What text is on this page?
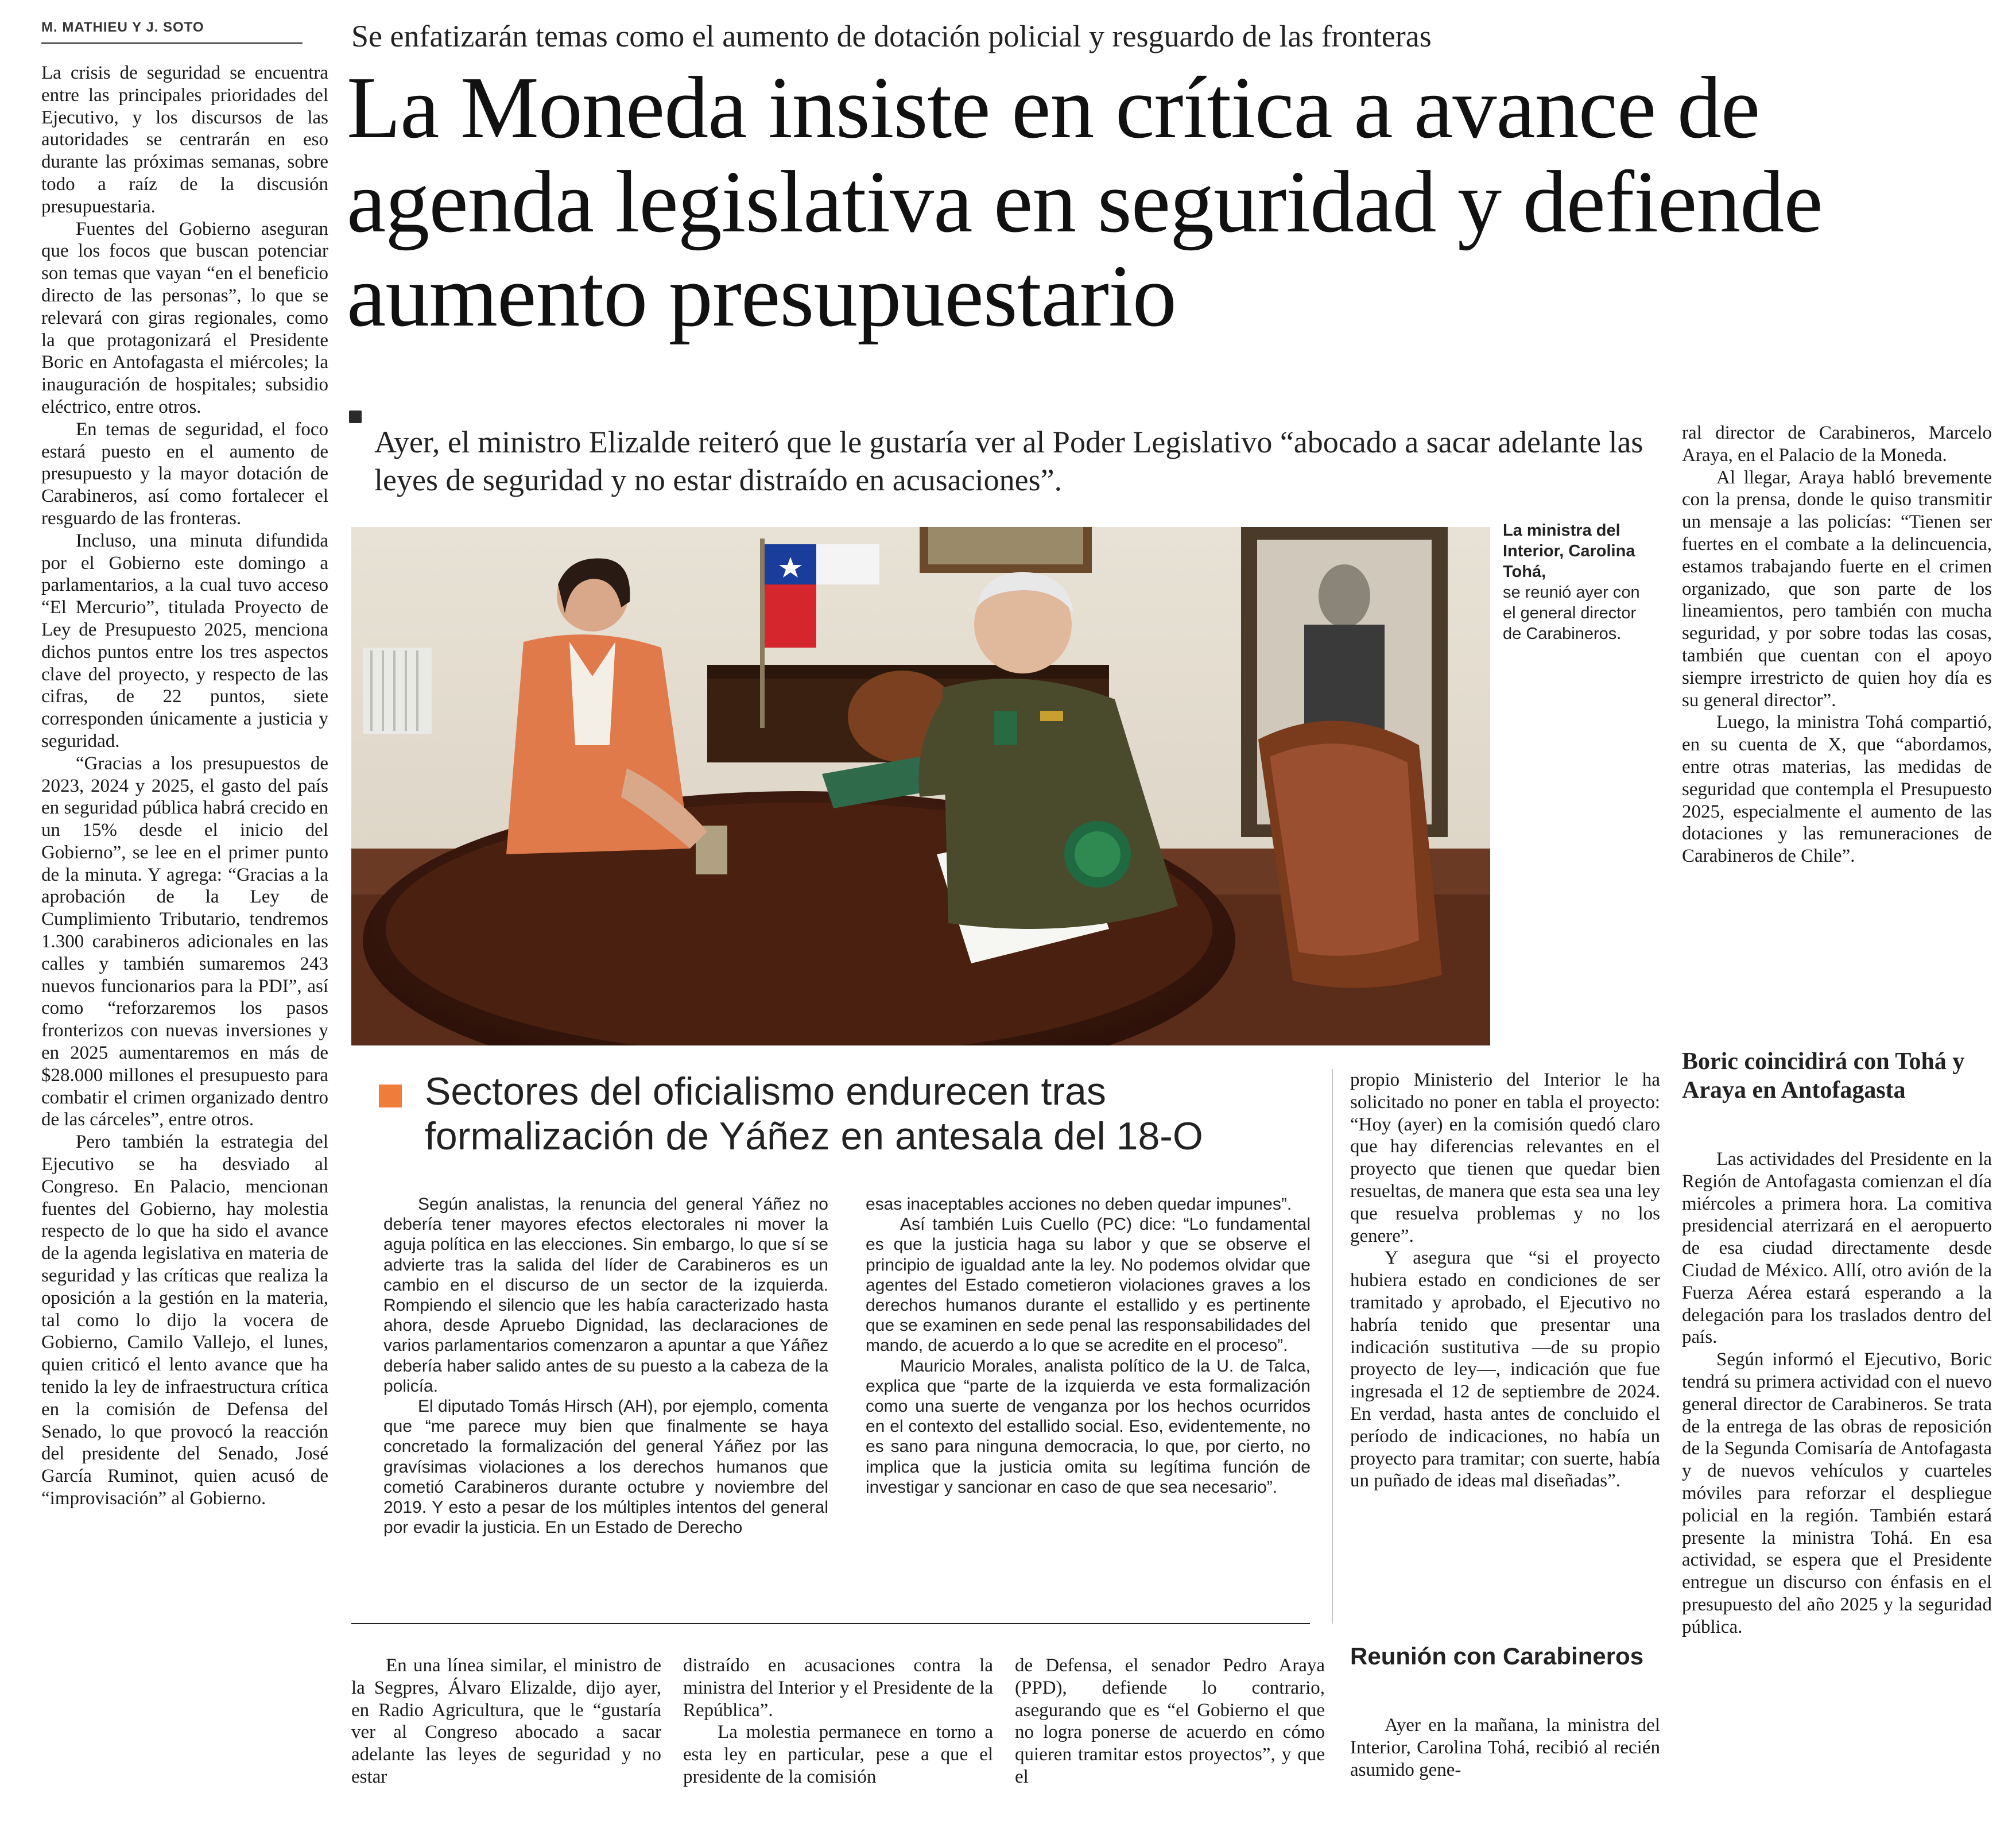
M. MATHIEU Y J. SOTO

La crisis de seguridad se encuentra entre las principales prioridades del Ejecutivo, y los discursos de las autoridades se centrarán en eso durante las próximas semanas, sobre todo a raíz de la discusión presupuestaria.

Fuentes del Gobierno aseguran que los focos que buscan potenciar son temas que vayan “en el beneficio directo de las personas”, lo que se relevará con giras regionales, como la que protagonizará el Presidente Boric en Antofagasta el miércoles; la inauguración de hospitales; subsidio eléctrico, entre otros.

En temas de seguridad, el foco estará puesto en el aumento de presupuesto y la mayor dotación de Carabineros, así como fortalecer el resguardo de las fronteras.

Incluso, una minuta difundida por el Gobierno este domingo a parlamentarios, a la cual tuvo acceso “El Mercurio”, titulada Proyecto de Ley de Presupuesto 2025, menciona dichos puntos entre los tres aspectos clave del proyecto, y respecto de las cifras, de 22 puntos, siete corresponden únicamente a justicia y seguridad.

“Gracias a los presupuestos de 2023, 2024 y 2025, el gasto del país en seguridad pública habrá crecido en un 15% desde el inicio del Gobierno”, se lee en el primer punto de la minuta. Y agrega: “Gracias a la aprobación de la Ley de Cumplimiento Tributario, tendremos 1.300 carabineros adicionales en las calles y también sumaremos 243 nuevos funcionarios para la PDI”, así como “reforzaremos los pasos fronterizos con nuevas inversiones y en 2025 aumentaremos en más de $28.000 millones el presupuesto para combatir el crimen organizado dentro de las cárceles”, entre otros.

Pero también la estrategia del Ejecutivo se ha desviado al Congreso. En Palacio, mencionan fuentes del Gobierno, hay molestia respecto de lo que ha sido el avance de la agenda legislativa en materia de seguridad y las críticas que realiza la oposición a la gestión en la materia, tal como lo dijo la vocera de Gobierno, Camilo Vallejo, el lunes, quien criticó el lento avance que ha tenido la ley de infraestructura crítica en la comisión de Defensa del Senado, lo que provocó la reacción del presidente del Senado, José García Ruminot, quien acusó de “improvisación” al Gobierno.

Se enfatizarán temas como el aumento de dotación policial y resguardo de las fronteras
La Moneda insiste en crítica a avance de agenda legislativa en seguridad y defiende aumento presupuestario
Ayer, el ministro Elizalde reiteró que le gustaría ver al Poder Legislativo “abocado a sacar adelante las leyes de seguridad y no estar distraído en acusaciones”.
La ministra del Interior, Carolina Tohá,
se reunió ayer con el general director de Carabineros.
Sectores del oficialismo endurecen tras formalización de Yáñez en antesala del 18-O

Según analistas, la renuncia del general Yáñez no debería tener mayores efectos electorales ni mover la aguja política en las elecciones. Sin embargo, lo que sí se advierte tras la salida del líder de Carabineros es un cambio en el discurso de un sector de la izquierda. Rompiendo el silencio que les había caracterizado hasta ahora, desde Apruebo Dignidad, las declaraciones de varios parlamentarios comenzaron a apuntar a que Yáñez debería haber salido antes de su puesto a la cabeza de la policía.

El diputado Tomás Hirsch (AH), por ejemplo, comenta que “me parece muy bien que finalmente se haya concretado la formalización del general Yáñez por las gravísimas violaciones a los derechos humanos que cometió Carabineros durante octubre y noviembre del 2019. Y esto a pesar de los múltiples intentos del general por evadir la justicia. En un Estado de Derecho

esas inaceptables acciones no deben quedar impunes”.

Así también Luis Cuello (PC) dice: “Lo fundamental es que la justicia haga su labor y que se observe el principio de igualdad ante la ley. No podemos olvidar que agentes del Estado cometieron violaciones graves a los derechos humanos durante el estallido y es pertinente que se examinen en sede penal las responsabilidades del mando, de acuerdo a lo que se acredite en el proceso”.

Mauricio Morales, analista político de la U. de Talca, explica que “parte de la izquierda ve esta formalización como una suerte de venganza por los hechos ocurridos en el contexto del estallido social. Eso, evidentemente, no es sano para ninguna democracia, lo que, por cierto, no implica que la justicia omita su legítima función de investigar y sancionar en caso de que sea necesario”.

En una línea similar, el ministro de la Segpres, Álvaro Elizalde, dijo ayer, en Radio Agricultura, que le “gustaría ver al Congreso abocado a sacar adelante las leyes de seguridad y no estar

distraído en acusaciones contra la ministra del Interior y el Presidente de la República”.

La molestia permanece en torno a esta ley en particular, pese a que el presidente de la comisión

de Defensa, el senador Pedro Araya (PPD), defiende lo contrario, asegurando que es “el Gobierno el que no logra ponerse de acuerdo en cómo quieren tramitar estos proyectos”, y que el

propio Ministerio del Interior le ha solicitado no poner en tabla el proyecto: “Hoy (ayer) en la comisión quedó claro que hay diferencias relevantes en el proyecto que tienen que quedar bien resueltas, de manera que esta sea una ley que resuelva problemas y no los genere”.

Y asegura que “si el proyecto hubiera estado en condiciones de ser tramitado y aprobado, el Ejecutivo no habría tenido que presentar una indicación sustitutiva —de su propio proyecto de ley—, indicación que fue ingresada el 12 de septiembre de 2024. En verdad, hasta antes de concluido el período de indicaciones, no había un proyecto para tramitar; con suerte, había un puñado de ideas mal diseñadas”.

Reunión con Carabineros

Ayer en la mañana, la ministra del Interior, Carolina Tohá, recibió al recién asumido gene-

ral director de Carabineros, Marcelo Araya, en el Palacio de la Moneda.

Al llegar, Araya habló brevemente con la prensa, donde le quiso transmitir un mensaje a las policías: “Tienen ser fuertes en el combate a la delincuencia, estamos trabajando fuerte en el crimen organizado, que son parte de los lineamientos, pero también con mucha seguridad, y por sobre todas las cosas, también que cuentan con el apoyo siempre irrestricto de quien hoy día es su general director”.

Luego, la ministra Tohá compartió, en su cuenta de X, que “abordamos, entre otras materias, las medidas de seguridad que contempla el Presupuesto 2025, especialmente el aumento de las dotaciones y las remuneraciones de Carabineros de Chile”.

Boric coincidirá con Tohá y Araya en Antofagasta

Las actividades del Presidente en la Región de Antofagasta comienzan el día miércoles a primera hora. La comitiva presidencial aterrizará en el aeropuerto de esa ciudad directamente desde Ciudad de México. Allí, otro avión de la Fuerza Aérea estará esperando a la delegación para los traslados dentro del país.

Según informó el Ejecutivo, Boric tendrá su primera actividad con el nuevo general director de Carabineros. Se trata de la entrega de las obras de reposición de la Segunda Comisaría de Antofagasta y de nuevos vehículos y cuarteles móviles para reforzar el despliegue policial en la región. También estará presente la ministra Tohá. En esa actividad, se espera que el Presidente entregue un discurso con énfasis en el presupuesto del año 2025 y la seguridad pública.
